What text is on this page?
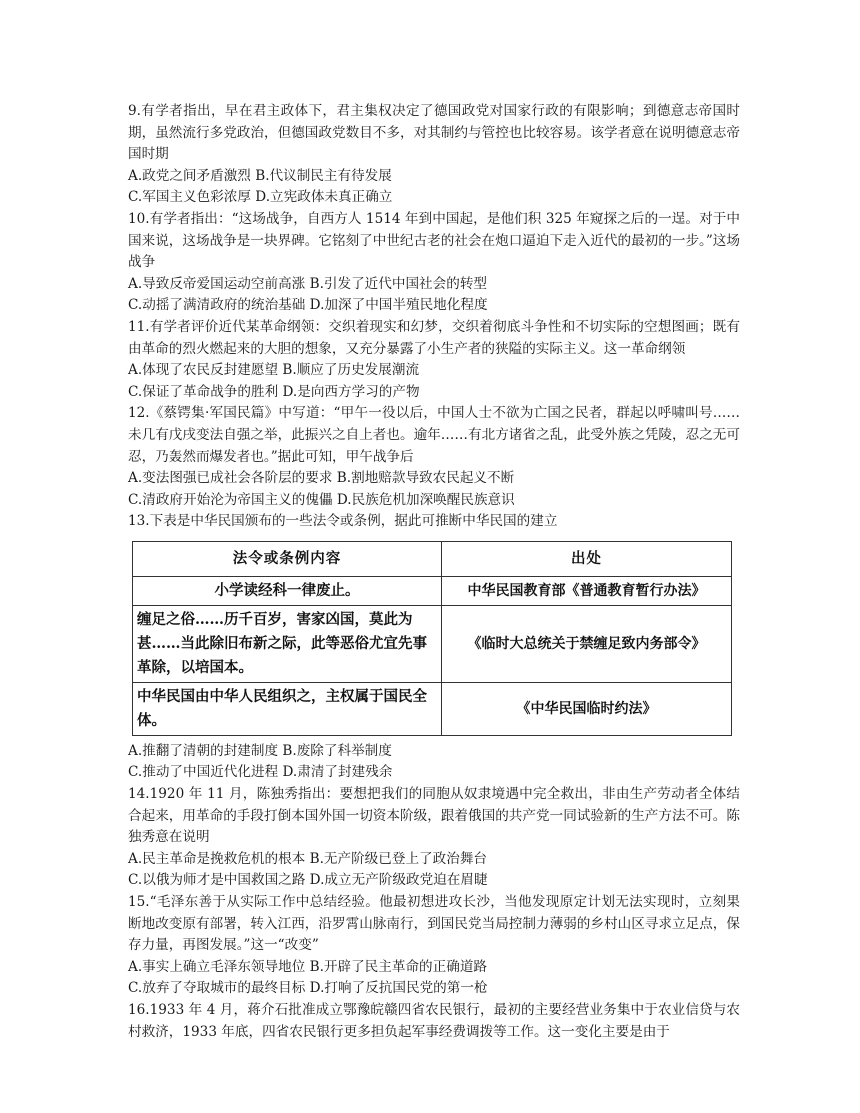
9.有学者指出，早在君主政体下，君主集权决定了德国政党对国家行政的有限影响；到德意志帝国时期，虽然流行多党政治，但德国政党数目不多，对其制约与管控也比较容易。该学者意在说明德意志帝国时期

A.政党之间矛盾激烈 B.代议制民主有待发展

C.军国主义色彩浓厚 D.立宪政体未真正确立

10.有学者指出：“这场战争，自西方人 1514 年到中国起，是他们积 325 年窥探之后的一逞。对于中国来说，这场战争是一块界碑。它铭刻了中世纪古老的社会在炮口逼迫下走入近代的最初的一步。”这场战争

A.导致反帝爱国运动空前高涨 B.引发了近代中国社会的转型

C.动摇了满清政府的统治基础 D.加深了中国半殖民地化程度

11.有学者评价近代某革命纲领：交织着现实和幻梦，交织着彻底斗争性和不切实际的空想图画；既有由革命的烈火燃起来的大胆的想象，又充分暴露了小生产者的狭隘的实际主义。这一革命纲领

A.体现了农民反封建愿望 B.顺应了历史发展潮流

C.保证了革命战争的胜利 D.是向西方学习的产物

12.《蔡锷集·军国民篇》中写道：“甲午一役以后，中国人士不欲为亡国之民者，群起以呼啸叫号……未几有戊戌变法自强之举，此振兴之自上者也。逾年……有北方诸省之乱，此受外族之凭陵，忍之无可忍，乃轰然而爆发者也。”据此可知，甲午战争后

A.变法图强已成社会各阶层的要求 B.割地赔款导致农民起义不断

C.清政府开始沦为帝国主义的傀儡 D.民族危机加深唤醒民族意识

13.下表是中华民国颁布的一些法令或条例，据此可推断中华民国的建立

法令或条例内容	出处
小学读经科一律废止。	中华民国教育部《普通教育暂行办法》
缠足之俗……历千百岁，害家凶国，莫此为甚……当此除旧布新之际，此等恶俗尤宜先事革除，以培国本。	《临时大总统关于禁缠足致内务部令》
中华民国由中华人民组织之，主权属于国民全体。	《中华民国临时约法》

A.推翻了清朝的封建制度 B.废除了科举制度

C.推动了中国近代化进程 D.肃清了封建残余

14.1920 年 11 月，陈独秀指出：要想把我们的同胞从奴隶境遇中完全救出，非由生产劳动者全体结合起来，用革命的手段打倒本国外国一切资本阶级，跟着俄国的共产党一同试验新的生产方法不可。陈独秀意在说明

A.民主革命是挽救危机的根本 B.无产阶级已登上了政治舞台

C.以俄为师才是中国救国之路 D.成立无产阶级政党迫在眉睫

15.“毛泽东善于从实际工作中总结经验。他最初想进攻长沙，当他发现原定计划无法实现时，立刻果断地改变原有部署，转入江西，沿罗霄山脉南行，到国民党当局控制力薄弱的乡村山区寻求立足点，保存力量，再图发展。”这一“改变”

A.事实上确立毛泽东领导地位 B.开辟了民主革命的正确道路

C.放弃了夺取城市的最终目标 D.打响了反抗国民党的第一枪

16.1933 年 4 月，蒋介石批准成立鄂豫皖赣四省农民银行，最初的主要经营业务集中于农业信贷与农村救济，1933 年底，四省农民银行更多担负起军事经费调拨等工作。这一变化主要是由于
